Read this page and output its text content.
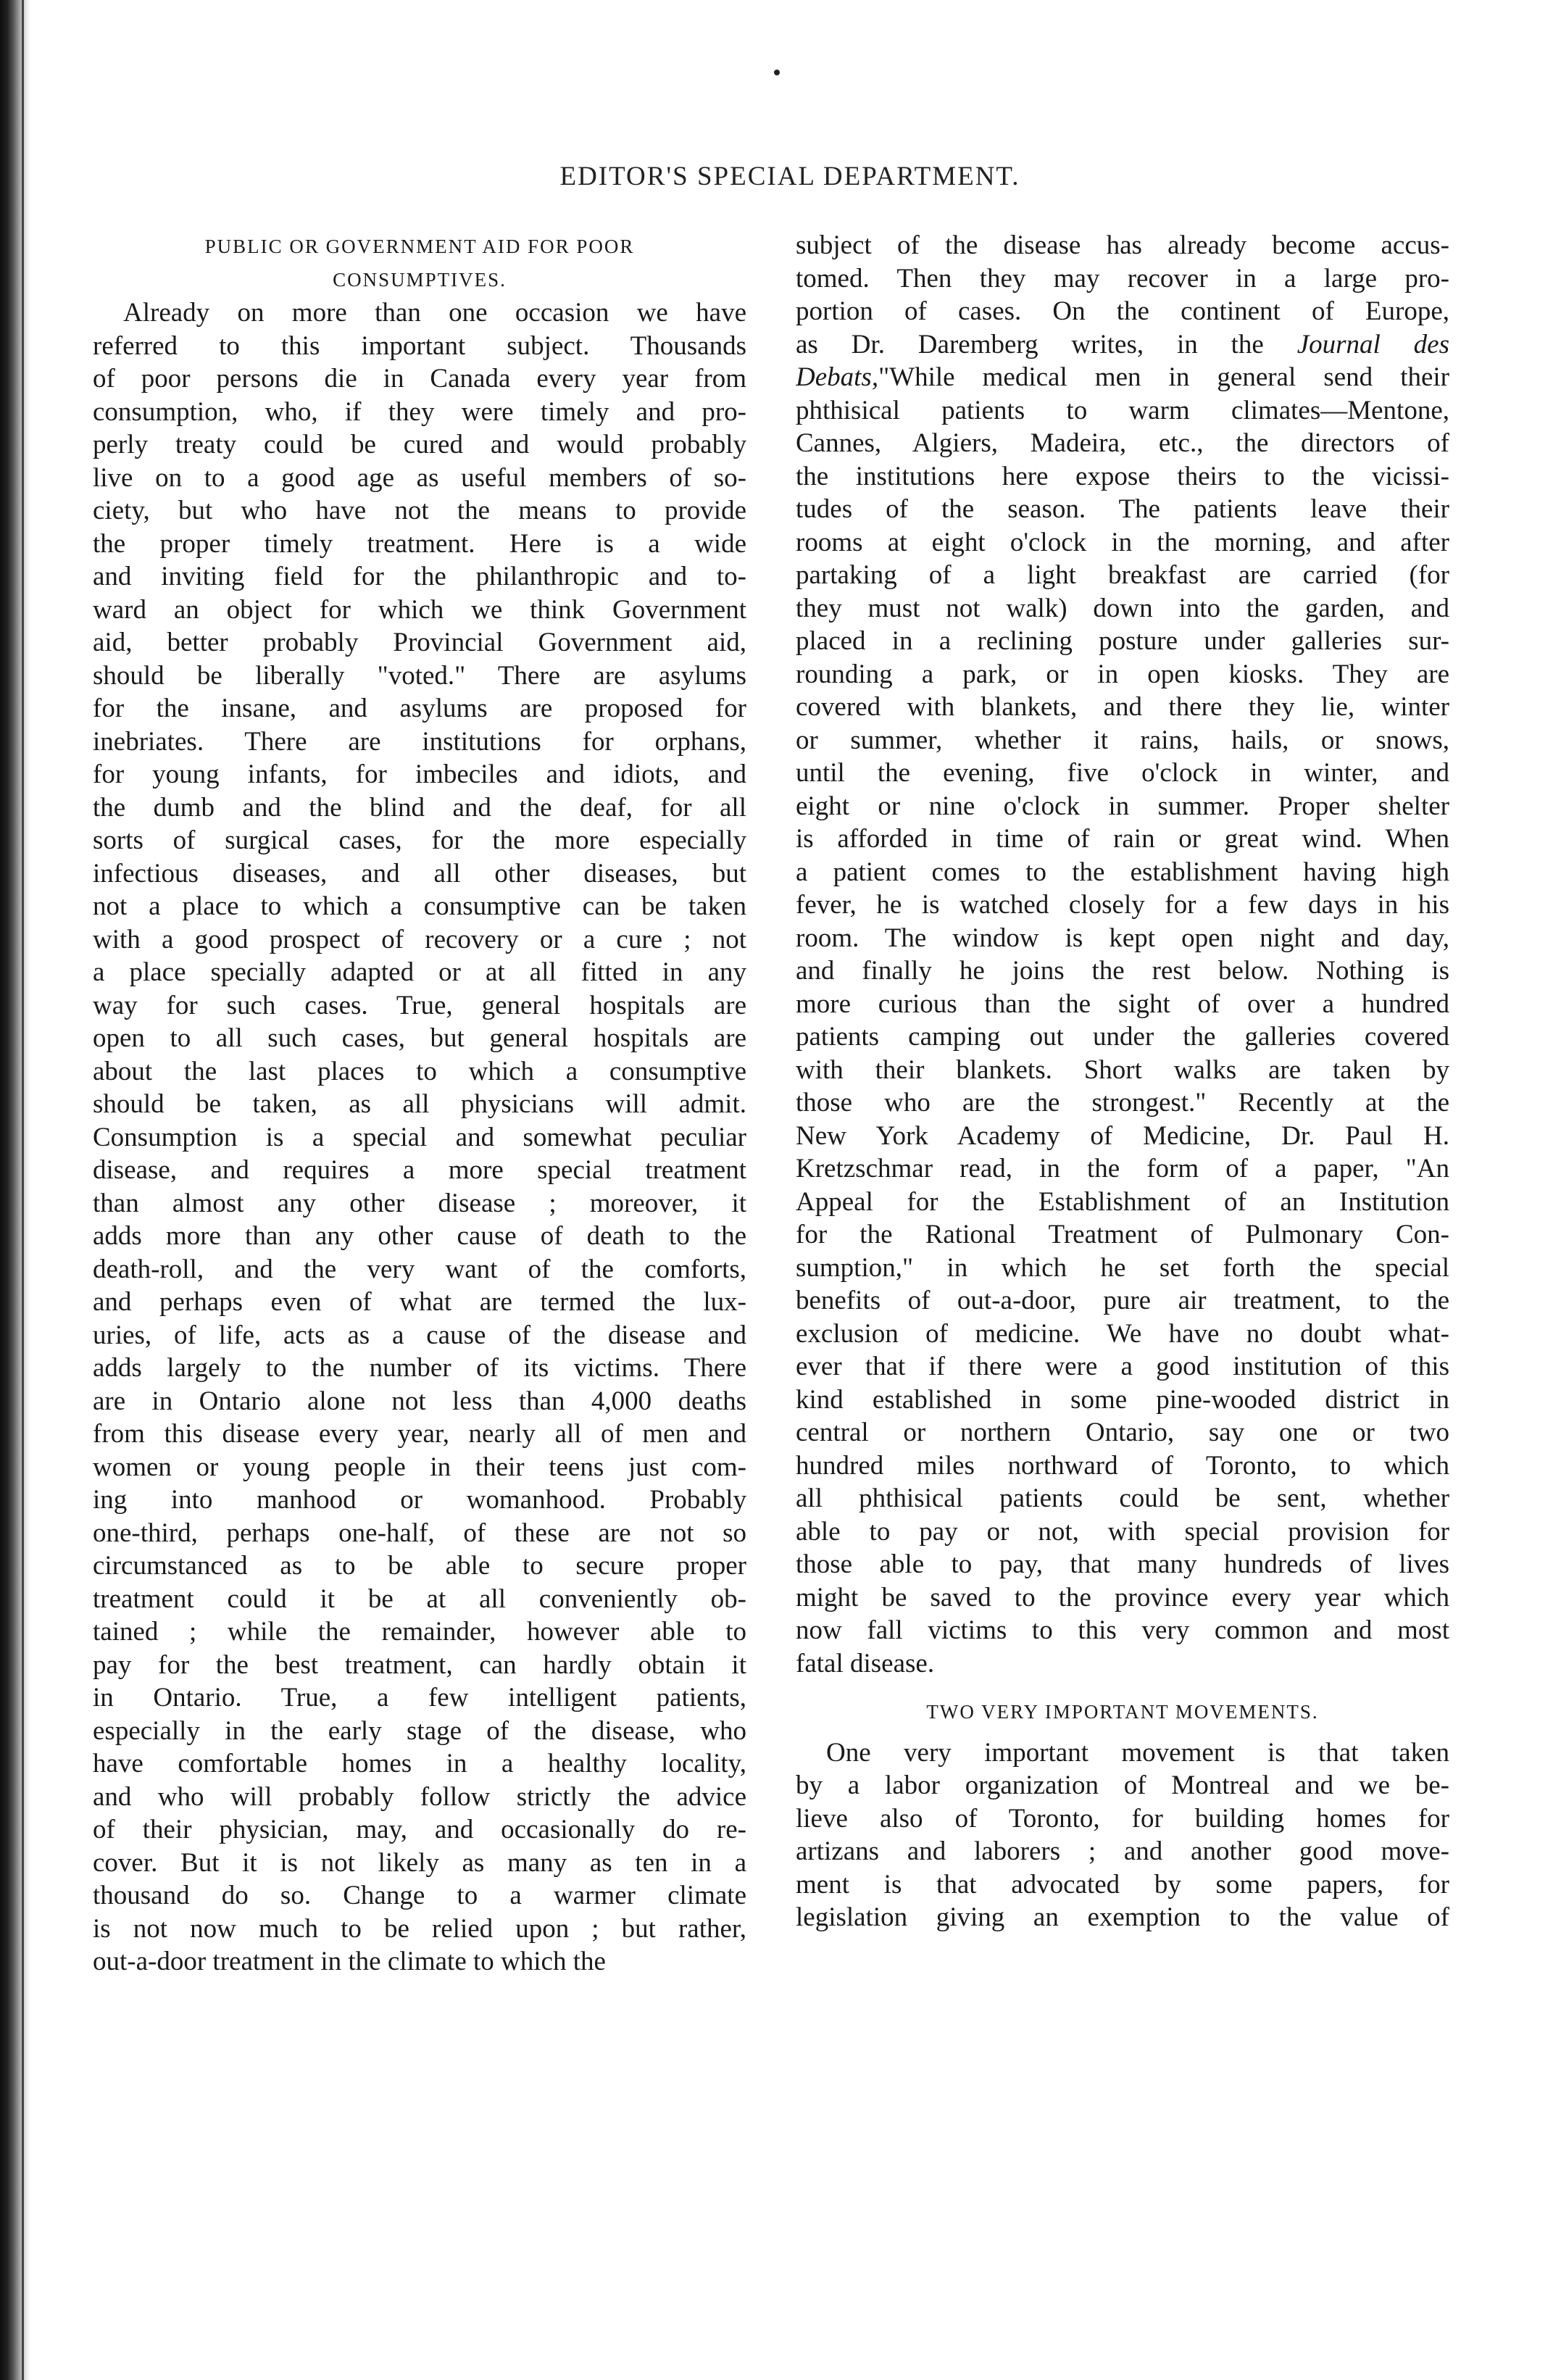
EDITOR'S SPECIAL DEPARTMENT.
PUBLIC OR GOVERNMENT AID FOR POOR
CONSUMPTIVES.
Already on more than one occasion we have
referred to this important subject. Thousands
of poor persons die in Canada every year from
consumption, who, if they were timely and pro-
perly treaty could be cured and would probably
live on to a good age as useful members of so-
ciety, but who have not the means to provide
the proper timely treatment. Here is a wide
and inviting field for the philanthropic and to-
ward an object for which we think Government
aid, better probably Provincial Government aid,
should be liberally "voted." There are asylums
for the insane, and asylums are proposed for
inebriates. There are institutions for orphans,
for young infants, for imbeciles and idiots, and
the dumb and the blind and the deaf, for all
sorts of surgical cases, for the more especially
infectious diseases, and all other diseases, but
not a place to which a consumptive can be taken
with a good prospect of recovery or a cure ; not
a place specially adapted or at all fitted in any
way for such cases. True, general hospitals are
open to all such cases, but general hospitals are
about the last places to which a consumptive
should be taken, as all physicians will admit.
Consumption is a special and somewhat peculiar
disease, and requires a more special treatment
than almost any other disease ; moreover, it
adds more than any other cause of death to the
death-roll, and the very want of the comforts,
and perhaps even of what are termed the lux-
uries, of life, acts as a cause of the disease and
adds largely to the number of its victims. There
are in Ontario alone not less than 4,000 deaths
from this disease every year, nearly all of men and
women or young people in their teens just com-
ing into manhood or womanhood. Probably
one-third, perhaps one-half, of these are not so
circumstanced as to be able to secure proper
treatment could it be at all conveniently ob-
tained ; while the remainder, however able to
pay for the best treatment, can hardly obtain it
in Ontario. True, a few intelligent patients,
especially in the early stage of the disease, who
have comfortable homes in a healthy locality,
and who will probably follow strictly the advice
of their physician, may, and occasionally do re-
cover. But it is not likely as many as ten in a
thousand do so. Change to a warmer climate
is not now much to be relied upon ; but rather,
out-a-door treatment in the climate to which the
subject of the disease has already become accus-
tomed. Then they may recover in a large pro-
portion of cases. On the continent of Europe,
as Dr. Daremberg writes, in the Journal des
Debats,"While medical men in general send their
phthisical patients to warm climates—Mentone,
Cannes, Algiers, Madeira, etc., the directors of
the institutions here expose theirs to the vicissi-
tudes of the season. The patients leave their
rooms at eight o'clock in the morning, and after
partaking of a light breakfast are carried (for
they must not walk) down into the garden, and
placed in a reclining posture under galleries sur-
rounding a park, or in open kiosks. They are
covered with blankets, and there they lie, winter
or summer, whether it rains, hails, or snows,
until the evening, five o'clock in winter, and
eight or nine o'clock in summer. Proper shelter
is afforded in time of rain or great wind. When
a patient comes to the establishment having high
fever, he is watched closely for a few days in his
room. The window is kept open night and day,
and finally he joins the rest below. Nothing is
more curious than the sight of over a hundred
patients camping out under the galleries covered
with their blankets. Short walks are taken by
those who are the strongest." Recently at the
New York Academy of Medicine, Dr. Paul H.
Kretzschmar read, in the form of a paper, "An
Appeal for the Establishment of an Institution
for the Rational Treatment of Pulmonary Con-
sumption," in which he set forth the special
benefits of out-a-door, pure air treatment, to the
exclusion of medicine. We have no doubt what-
ever that if there were a good institution of this
kind established in some pine-wooded district in
central or northern Ontario, say one or two
hundred miles northward of Toronto, to which
all phthisical patients could be sent, whether
able to pay or not, with special provision for
those able to pay, that many hundreds of lives
might be saved to the province every year which
now fall victims to this very common and most
fatal disease.
TWO VERY IMPORTANT MOVEMENTS.
One very important movement is that taken
by a labor organization of Montreal and we be-
lieve also of Toronto, for building homes for
artizans and laborers ; and another good move-
ment is that advocated by some papers, for
legislation giving an exemption to the value of
